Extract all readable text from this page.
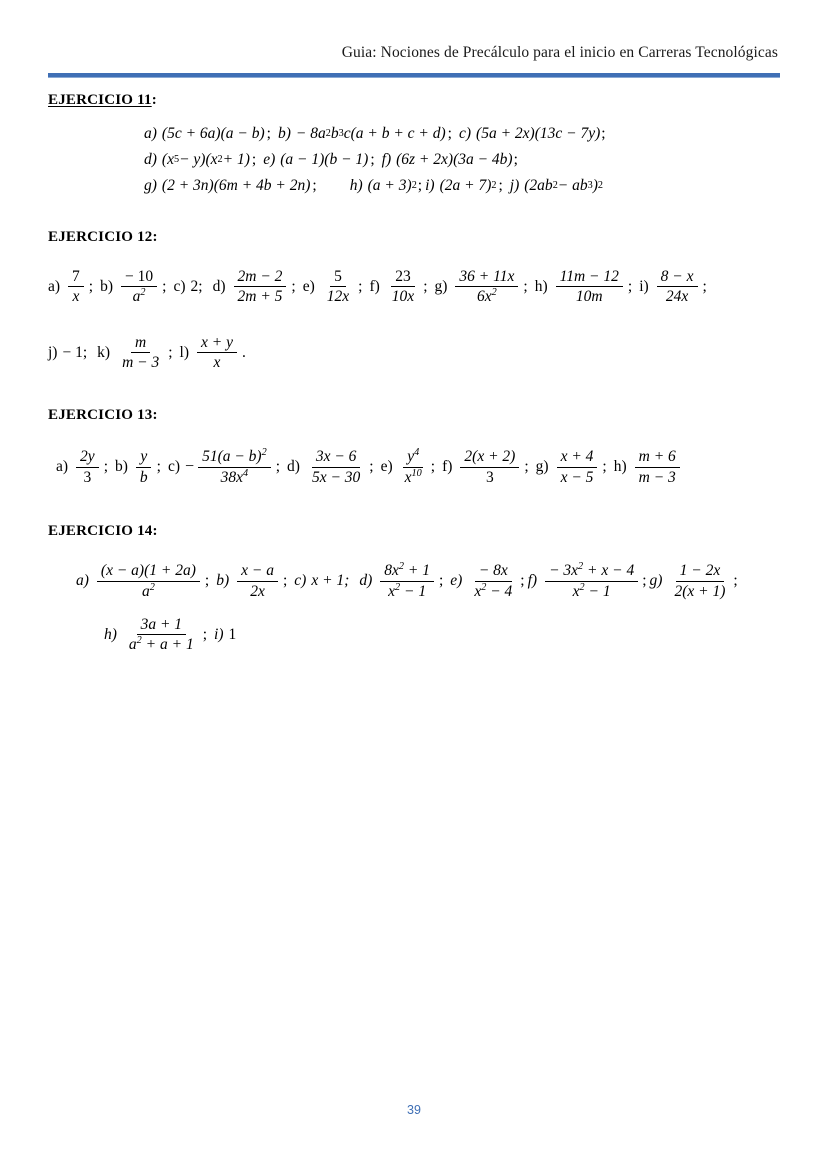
Guia: Nociones de Precálculo para el inicio en Carreras Tecnológicas
EJERCICIO 11:
a) (5c + 6a) (a − b) ; b) − 8a 2 b 3 c (a + b + c + d) ; c) (5a + 2x) (13c − 7y) ;
d) (x 5 − y) (x 2 + 1) ; e) (a − 1) (b − 1) ; f) (6z + 2x) (3a − 4b) ;
g) (2 + 3n) (6m + 4b + 2n) ; h) (a + 3) 2 ; i) (2a + 7) 2 ; j) (2ab 2 − ab 3 ) 2
EJERCICIO 12:
$a) \frac{7}{x}$ ; $b) \frac{- 10}{a^2}$ ; c) 2; $d) \frac{2m - 2}{2m + 5}$ ; $e) \frac{5}{12x}$ ; $f) \frac{23}{10x}$ ; $g) \frac{36 + 11x}{6x^2}$ ; $h) \frac{11m - 12}{10m}$ ; $i) \frac{8 - x}{24x}$ ;
j) − 1; $k) \frac{m}{m - 3}$ ; $l) \frac{x + y}{x}$ .
EJERCICIO 13:
$a) \frac{2y}{3}$ ; $b) \frac{y}{b}$ ; $c) - \frac{51(a - b)^2}{38x^4}$ ; $d) \frac{3x - 6}{5x - 30}$ ; $e) \frac{y^4}{x^{10}}$ ; $f) \frac{2(x + 2)}{3}$ ; $g) \frac{x + 4}{x - 5}$ ; $h) \frac{m + 6}{m - 3}$
EJERCICIO 14:
$a) \frac{(x - a)(1 + 2a)}{a^2}$ ; $b) \frac{x - a}{2x}$ ; c) x + 1; $d) \frac{8x^2 + 1}{x^2 - 1}$ ; $e) \frac{- 8x}{x^2 - 4}$ ; $f) \frac{- 3x^2 + x - 4}{x^2 - 1}$ ; $g) \frac{1 - 2x}{2(x + 1)}$ ;
$h) \frac{3a + 1}{a^2 + a + 1}$ ; i) 1
39
